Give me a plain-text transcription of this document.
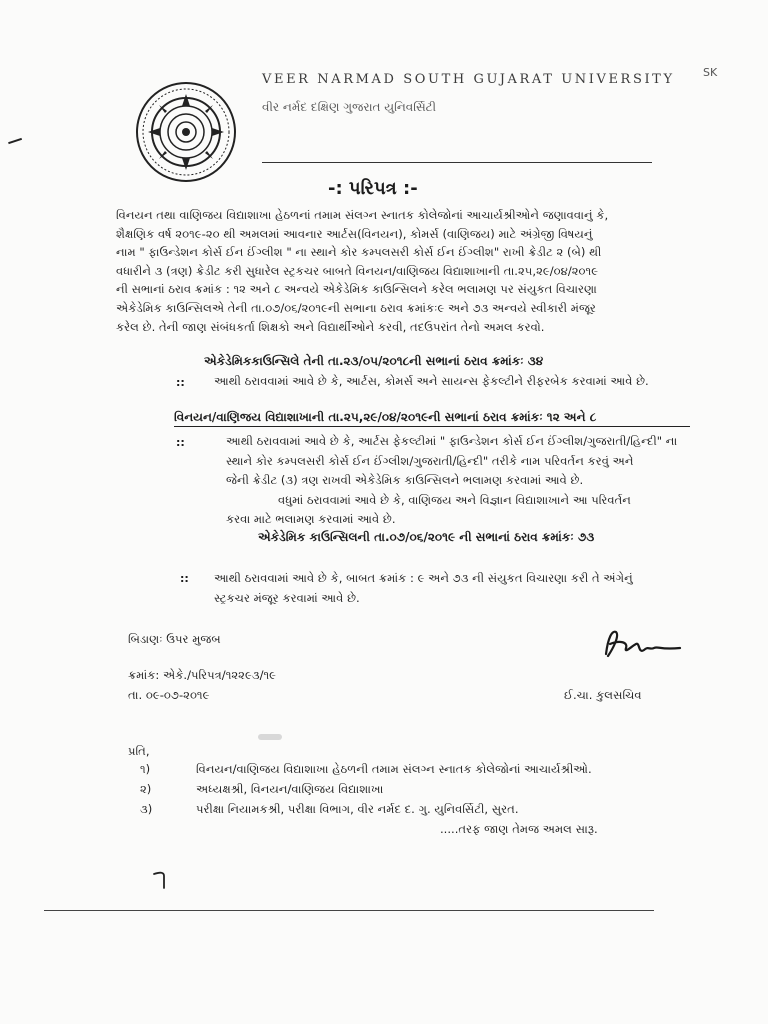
VEER NARMAD SOUTH GUJARAT UNIVERSITY
વીર નર્મદ દક્ષિણ ગુજરાત યુનિવર્સિટી
SK
-: પરિપત્ર :-
વિનયન તથા વાણિજય વિદ્યાશાખા હેઠળનાં તમામ સંલગ્ન સ્નાતક કોલેજોનાં આચાર્યશ્રીઓને જણાવવાનું કે,
શૈક્ષણિક વર્ષ ૨૦૧૯-૨૦ થી અમલમાં આવનાર આર્ટસ(વિનયન), કોમર્સ (વાણિજય) માટે અંગ્રેજી વિષયનું
નામ " ફાઉન્ડેશન કોર્સ ઈન ઈંગ્લીશ " ના સ્થાને કોર કમ્પલસરી કોર્સ ઈન ઈંગ્લીશ" રાખી ક્રેડીટ ૨ (બે) થી
વધારીને ૩ (ત્રણ) ક્રેડીટ કરી સુધારેલ સ્ટ્રકચર બાબતે વિનયન/વાણિજય વિદ્યાશાખાની તા.૨૫,૨૯/૦૪/૨૦૧૯
ની સભાનાં ઠરાવ ક્રમાંક : ૧૨ અને ૮ અન્વયે એકેડેમિક કાઉન્સિલને કરેલ ભલામણ પર સંયુકત વિચારણા
એકેડેમિક કાઉન્સિલએ તેની તા.૦૭/૦૬/૨૦૧૯ની સભાના ઠરાવ ક્રમાંકઃ૯ અને ૭૩ અન્વયે સ્વીકારી મંજૂર
કરેલ છે. તેની જાણ સંબંધકર્તા શિક્ષકો અને વિદ્યાર્થીઓને કરવી, તદઉપરાંત તેનો અમલ કરવો.
એકેડેમિકકાઉન્સિલે તેની તા.૨૩/૦૫/૨૦૧૮ની સભાનાં ઠરાવ ક્રમાંકઃ ૩૪
::	આથી ઠરાવવામાં આવે છે કે, આર્ટસ, કોમર્સ અને સાયન્સ ફેકલ્ટીને રીફરબેક કરવામાં આવે છે.
વિનયન/વાણિજય વિદ્યાશાખાની તા.૨૫,૨૯/૦૪/૨૦૧૯ની સભાનાં ઠરાવ ક્રમાંકઃ ૧૨ અને ૮
::	આથી ઠરાવવામાં આવે છે કે, આર્ટસ ફેકલ્ટીમાં " ફાઉન્ડેશન કોર્સ ઈન ઈંગ્લીશ/ગુજરાતી/હિન્દી" ના
સ્થાને કોર કમ્પલસરી કોર્સ ઈન ઈંગ્લીશ/ગુજરાતી/હિન્દી" તરીકે નામ પરિવર્તન કરવું અને
જેની ક્રેડીટ (૩) ત્રણ રાખવી એકેડેમિક કાઉન્સિલને ભલામણ કરવામાં આવે છે.
વધુમાં ઠરાવવામાં આવે છે કે, વાણિજય અને વિજ્ઞાન વિદ્યાશાખાને આ પરિવર્તન
કરવા માટે ભલામણ કરવામાં આવે છે.
એકેડેમિક કાઉન્સિલની તા.૦૭/૦૬/૨૦૧૯ ની સભાનાં ઠરાવ ક્રમાંકઃ ૭૩
:: આથી ઠરાવવામાં આવે છે કે, બાબત ક્રમાંક : ૯ અને ૭૩ ની સંયુકત વિચારણા કરી તે અંગેનું
સ્ટ્રકચર મંજૂર કરવામાં આવે છે.
બિડાણઃ ઉપર મુજબ
ક્રમાંક: એકે./પરિપત્ર/૧૨૨૯૩/૧૯
તા. ૦૯-૦૭-૨૦૧૯	ઈ.ચા. કુલસચિવ
પ્રતિ,
૧)	વિનયન/વાણિજય વિદ્યાશાખા હેઠળની તમામ સંલગ્ન સ્નાતક કોલેજોનાં આચાર્યશ્રીઓ.
૨)	અધ્યક્ષશ્રી, વિનયન/વાણિજય વિદ્યાશાખા
૩)	પરીક્ષા નિયામકશ્રી, પરીક્ષા વિભાગ, વીર નર્મદ દ. ગુ. યુનિવર્સિટી, સુરત.
.....તરફ જાણ તેમજ અમલ સારૂ.
